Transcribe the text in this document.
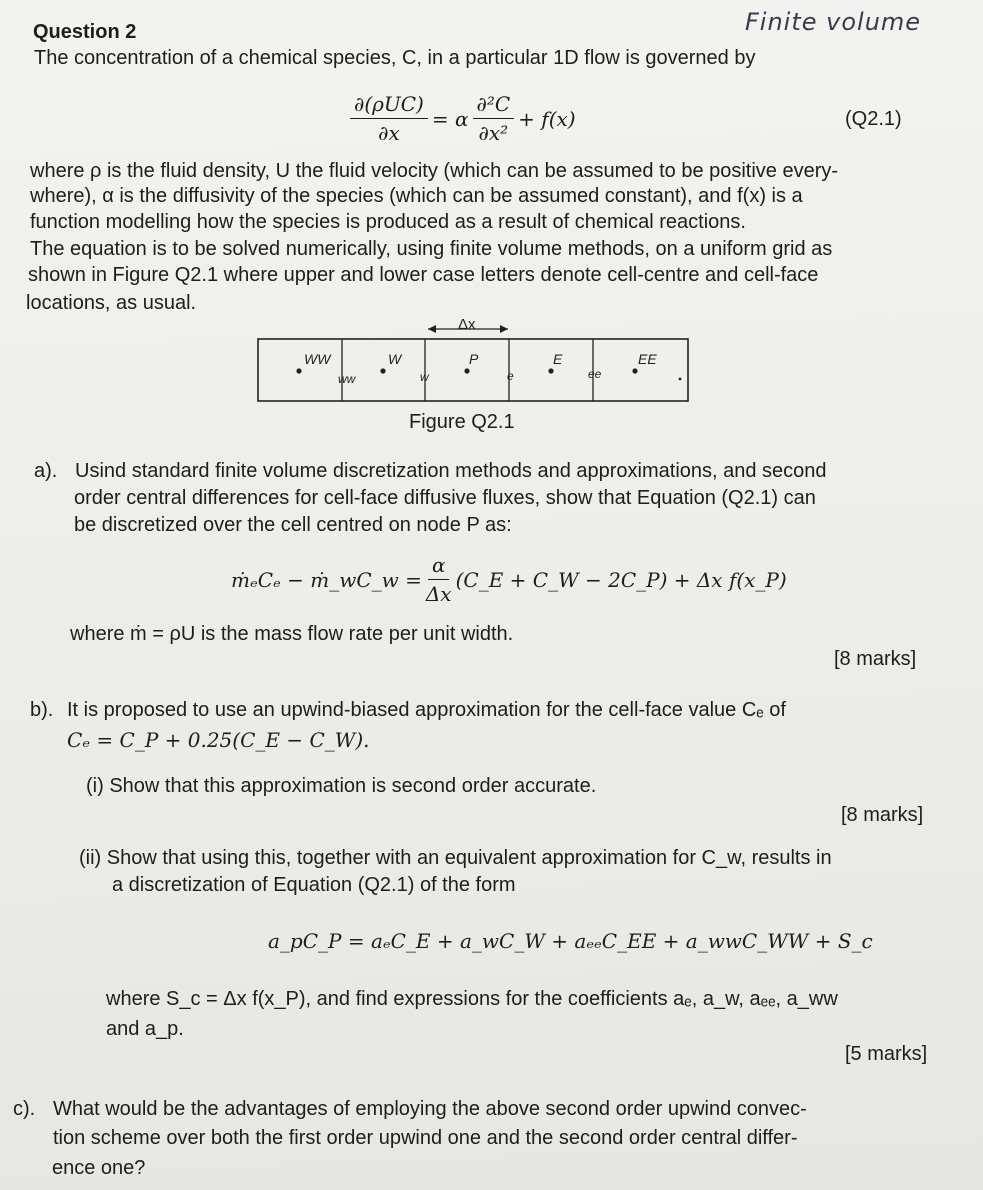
Question 2	Finite volume
The concentration of a chemical species, C, in a particular 1D flow is governed by
$\frac{\text{∂(ρUC)}}{\partial x} = \alpha \frac{\text{∂²C}}{\text{∂x²}} + f(x)$	(Q2.1)
where ρ is the fluid density, U the fluid velocity (which can be assumed to be positive every-
where), α is the diffusivity of the species (which can be assumed constant), and f(x) is a
function modelling how the species is produced as a result of chemical reactions.
The equation is to be solved numerically, using finite volume methods, on a uniform grid as
shown in Figure Q2.1 where upper and lower case letters denote cell-centre and cell-face
locations, as usual.
Δx
WW	W	P	E	EE
ww	w	e	ee
Figure Q2.1
a). Usind standard finite volume discretization methods and approximations, and second
order central differences for cell-face diffusive fluxes, show that Equation (Q2.1) can
be discretized over the cell centred on node P as:
ṁₑCₑ − ṁ_wC_w = $\frac{\alpha}{\Delta x}$ (C_E + C_W − 2C_P) + Δx f(x_P)
where ṁ = ρU is the mass flow rate per unit width.
[8 marks]
b). It is proposed to use an upwind-biased approximation for the cell-face value Cₑ of
Cₑ = C_P + 0.25(C_E − C_W).
(i) Show that this approximation is second order accurate.
[8 marks]
(ii) Show that using this, together with an equivalent approximation for C_w, results in
a discretization of Equation (Q2.1) of the form
a_pC_P = aₑC_E + a_wC_W + aₑₑC_EE + a_wwC_WW + S_c
where S_c = Δx f(x_P), and find expressions for the coefficients aₑ, a_w, aₑₑ, a_ww
and a_p.
[5 marks]
c). What would be the advantages of employing the above second order upwind convec-
tion scheme over both the first order upwind one and the second order central differ-
ence one?
